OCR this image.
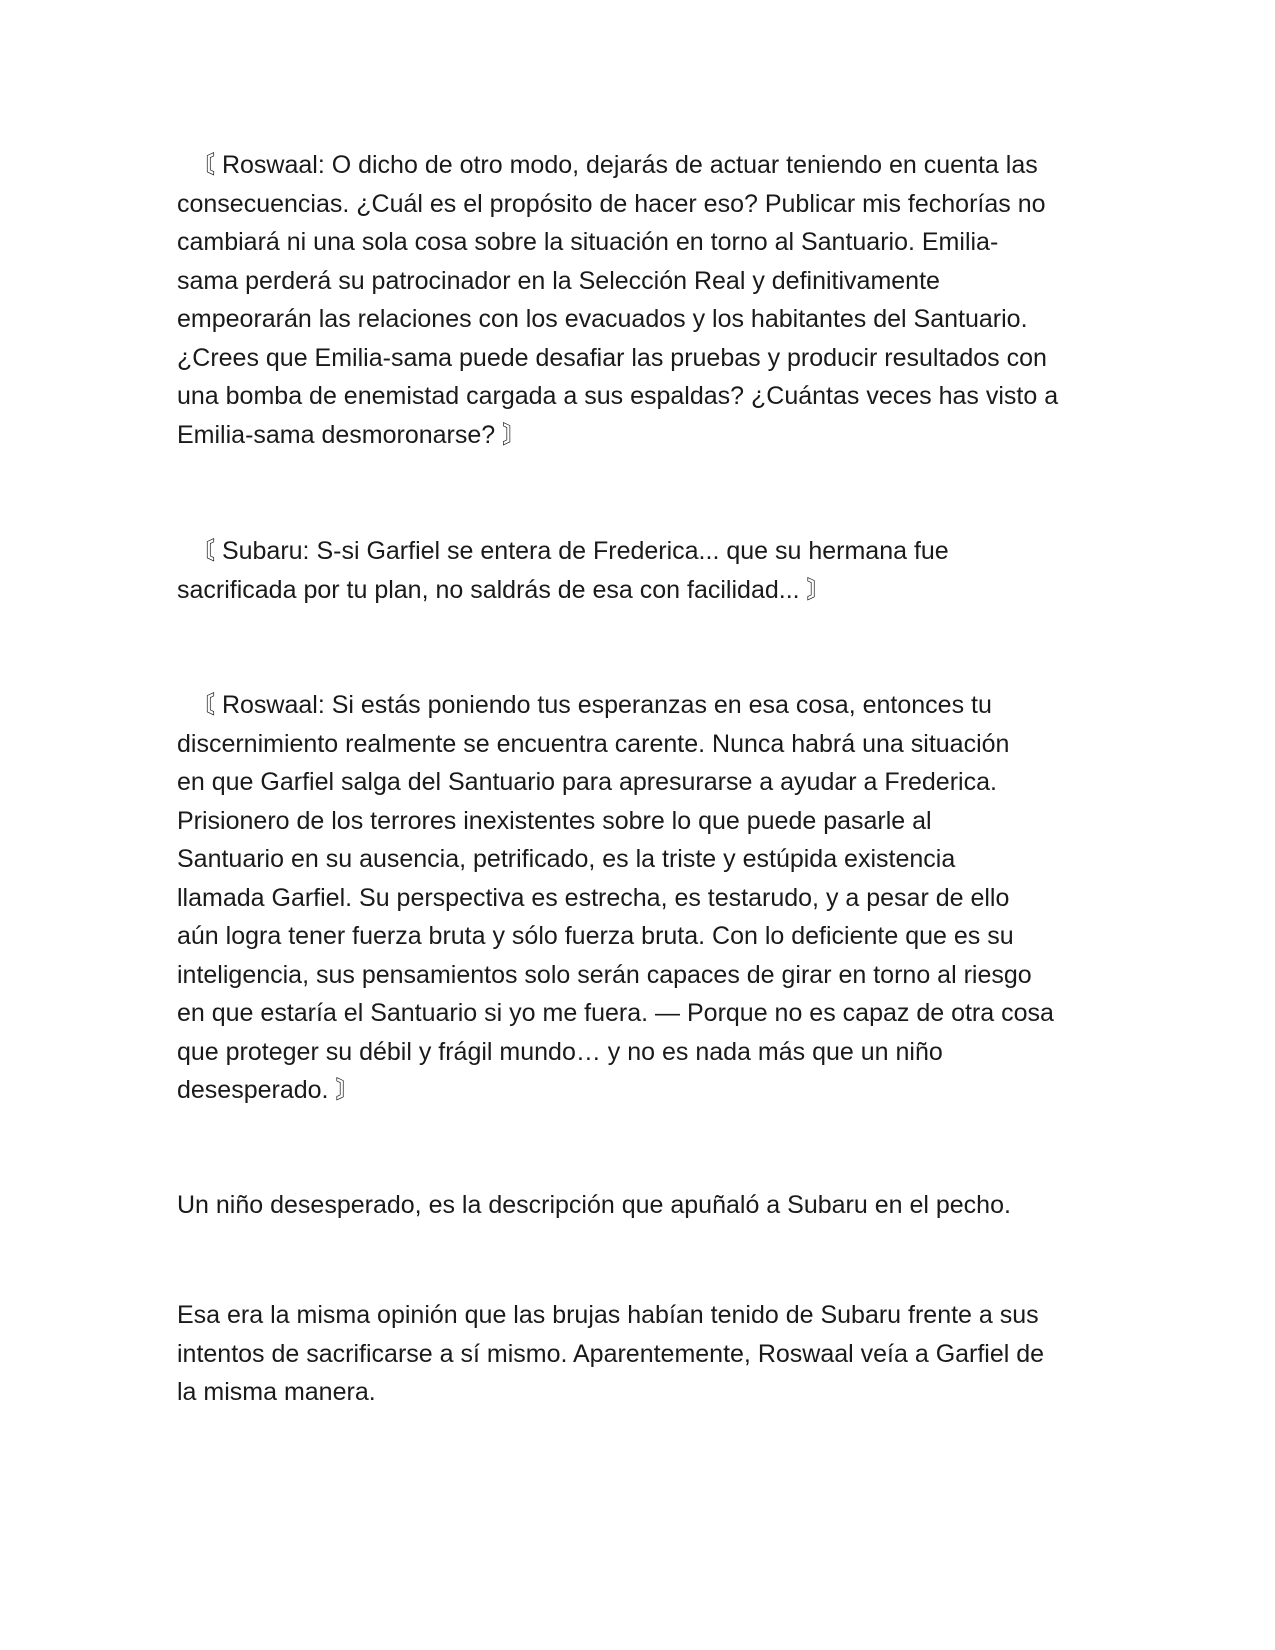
〘 Roswaal: O dicho de otro modo, dejarás de actuar teniendo en cuenta las
consecuencias. ¿Cuál es el propósito de hacer eso? Publicar mis fechorías no
cambiará ni una sola cosa sobre la situación en torno al Santuario. Emilia-
sama perderá su patrocinador en la Selección Real y definitivamente
empeorarán las relaciones con los evacuados y los habitantes del Santuario.
¿Crees que Emilia-sama puede desafiar las pruebas y producir resultados con
una bomba de enemistad cargada a sus espaldas? ¿Cuántas veces has visto a
Emilia-sama desmoronarse? 〙
〘 Subaru: S-si Garfiel se entera de Frederica... que su hermana fue
sacrificada por tu plan, no saldrás de esa con facilidad... 〙
〘 Roswaal: Si estás poniendo tus esperanzas en esa cosa, entonces tu
discernimiento realmente se encuentra carente. Nunca habrá una situación
en que Garfiel salga del Santuario para apresurarse a ayudar a Frederica.
Prisionero de los terrores inexistentes sobre lo que puede pasarle al
Santuario en su ausencia, petrificado, es la triste y estúpida existencia
llamada Garfiel. Su perspectiva es estrecha, es testarudo, y a pesar de ello
aún logra tener fuerza bruta y sólo fuerza bruta. Con lo deficiente que es su
inteligencia, sus pensamientos solo serán capaces de girar en torno al riesgo
en que estaría el Santuario si yo me fuera. — Porque no es capaz de otra cosa
que proteger su débil y frágil mundo… y no es nada más que un niño
desesperado. 〙
Un niño desesperado, es la descripción que apuñaló a Subaru en el pecho.
Esa era la misma opinión que las brujas habían tenido de Subaru frente a sus
intentos de sacrificarse a sí mismo. Aparentemente, Roswaal veía a Garfiel de
la misma manera.
